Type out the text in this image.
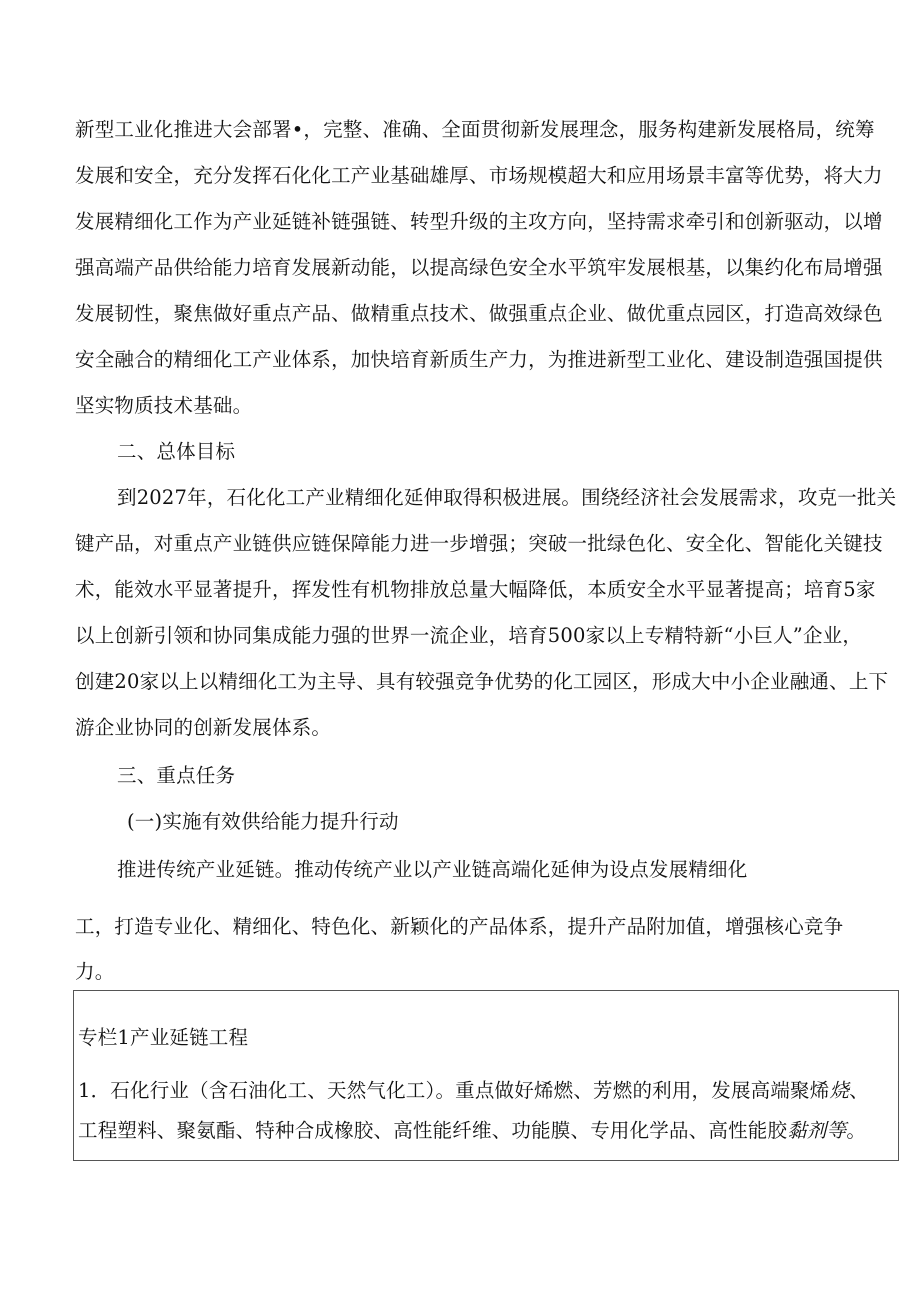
新型工业化推进大会部署•，完整、准确、全面贯彻新发展理念，服务构建新发展格局，统筹
发展和安全，充分发挥石化化工产业基础雄厚、市场规模超大和应用场景丰富等优势，将大力
发展精细化工作为产业延链补链强链、转型升级的主攻方向，坚持需求牵引和创新驱动，以增
强高端产品供给能力培育发展新动能，以提高绿色安全水平筑牢发展根基，以集约化布局增强
发展韧性，聚焦做好重点产品、做精重点技术、做强重点企业、做优重点园区，打造高效绿色
安全融合的精细化工产业体系，加快培育新质生产力，为推进新型工业化、建设制造强国提供
坚实物质技术基础。
二、总体目标
到2027年，石化化工产业精细化延伸取得积极进展。围绕经济社会发展需求，攻克一批关
键产品，对重点产业链供应链保障能力进一步增强；突破一批绿色化、安全化、智能化关键技
术，能效水平显著提升，挥发性有机物排放总量大幅降低，本质安全水平显著提高；培育5家
以上创新引领和协同集成能力强的世界一流企业，培育500家以上专精特新“小巨人”企业，
创建20家以上以精细化工为主导、具有较强竞争优势的化工园区，形成大中小企业融通、上下
游企业协同的创新发展体系。
三、重点任务
(一)实施有效供给能力提升行动
推进传统产业延链。推动传统产业以产业链高端化延伸为设点发展精细化
工，打造专业化、精细化、特色化、新颖化的产品体系，提升产品附加值，增强核心竞争
力。
专栏1产业延链工程
1．石化行业（含石油化工、天然气化工）。重点做好烯燃、芳燃的利用，发展高端聚烯烧、
工程塑料、聚氨酯、特种合成橡胶、高性能纤维、功能膜、专用化学品、高性能胶黏剂等。
